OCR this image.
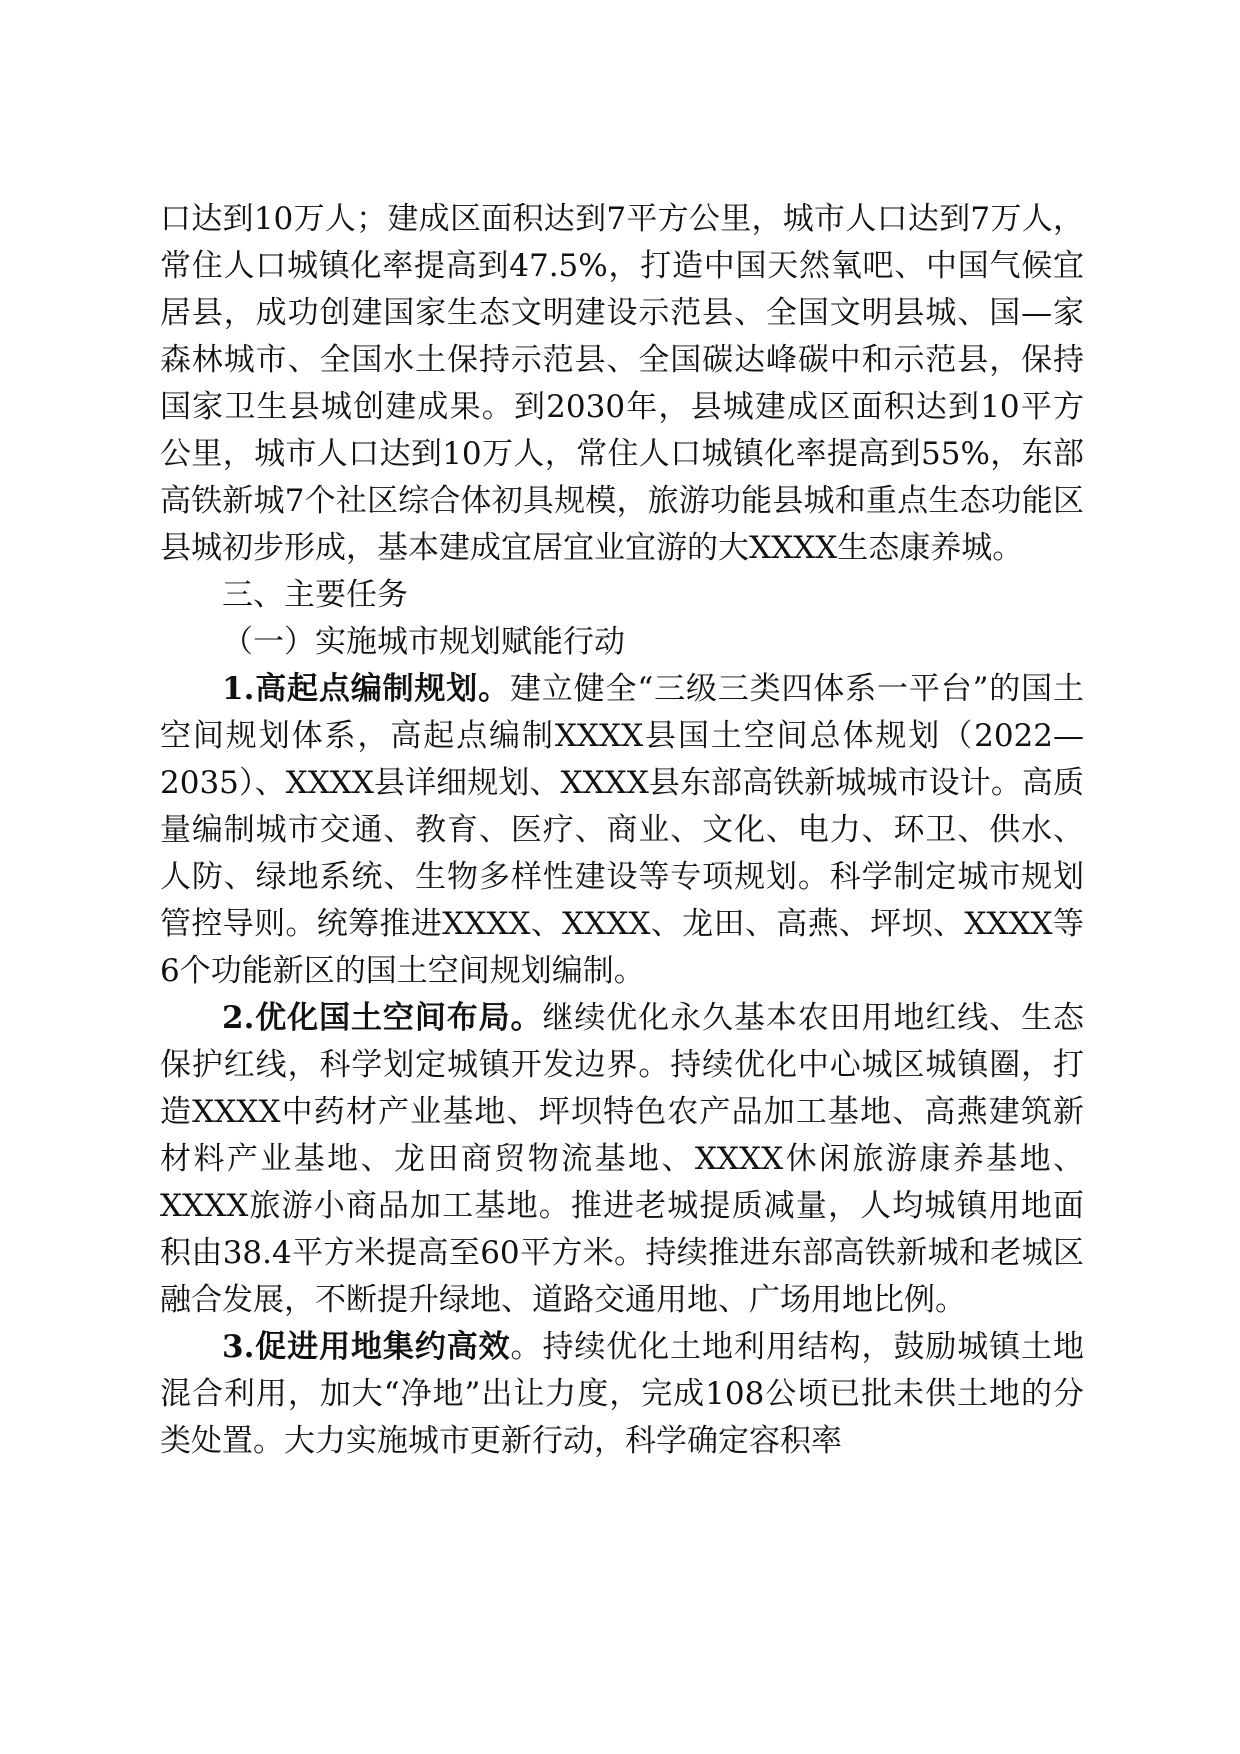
口达到10万人；建成区面积达到7平方公里，城市人口达到7万人，常住人口城镇化率提高到47.5%，打造中国天然氧吧、中国气候宜居县，成功创建国家生态文明建设示范县、全国文明县城、国—家森林城市、全国水土保持示范县、全国碳达峰碳中和示范县，保持国家卫生县城创建成果。到2030年，县城建成区面积达到10平方公里，城市人口达到10万人，常住人口城镇化率提高到55%，东部高铁新城7个社区综合体初具规模，旅游功能县城和重点生态功能区县城初步形成，基本建成宜居宜业宜游的大XXXX生态康养城。

三、主要任务

（一）实施城市规划赋能行动

1.高起点编制规划。建立健全“三级三类四体系一平台”的国土空间规划体系，高起点编制XXXX县国土空间总体规划（2022—2035）、XXXX县详细规划、XXXX县东部高铁新城城市设计。高质量编制城市交通、教育、医疗、商业、文化、电力、环卫、供水、人防、绿地系统、生物多样性建设等专项规划。科学制定城市规划管控导则。统筹推进XXXX、XXXX、龙田、高燕、坪坝、XXXX等6个功能新区的国土空间规划编制。

2.优化国土空间布局。继续优化永久基本农田用地红线、生态保护红线，科学划定城镇开发边界。持续优化中心城区城镇圈，打造XXXX中药材产业基地、坪坝特色农产品加工基地、高燕建筑新材料产业基地、龙田商贸物流基地、XXXX休闲旅游康养基地、XXXX旅游小商品加工基地。推进老城提质减量，人均城镇用地面积由38.4平方米提高至60平方米。持续推进东部高铁新城和老城区融合发展，不断提升绿地、道路交通用地、广场用地比例。

3.促进用地集约高效。持续优化土地利用结构，鼓励城镇土地混合利用，加大“净地”出让力度，完成108公顷已批未供土地的分类处置。大力实施城市更新行动，科学确定容积率
